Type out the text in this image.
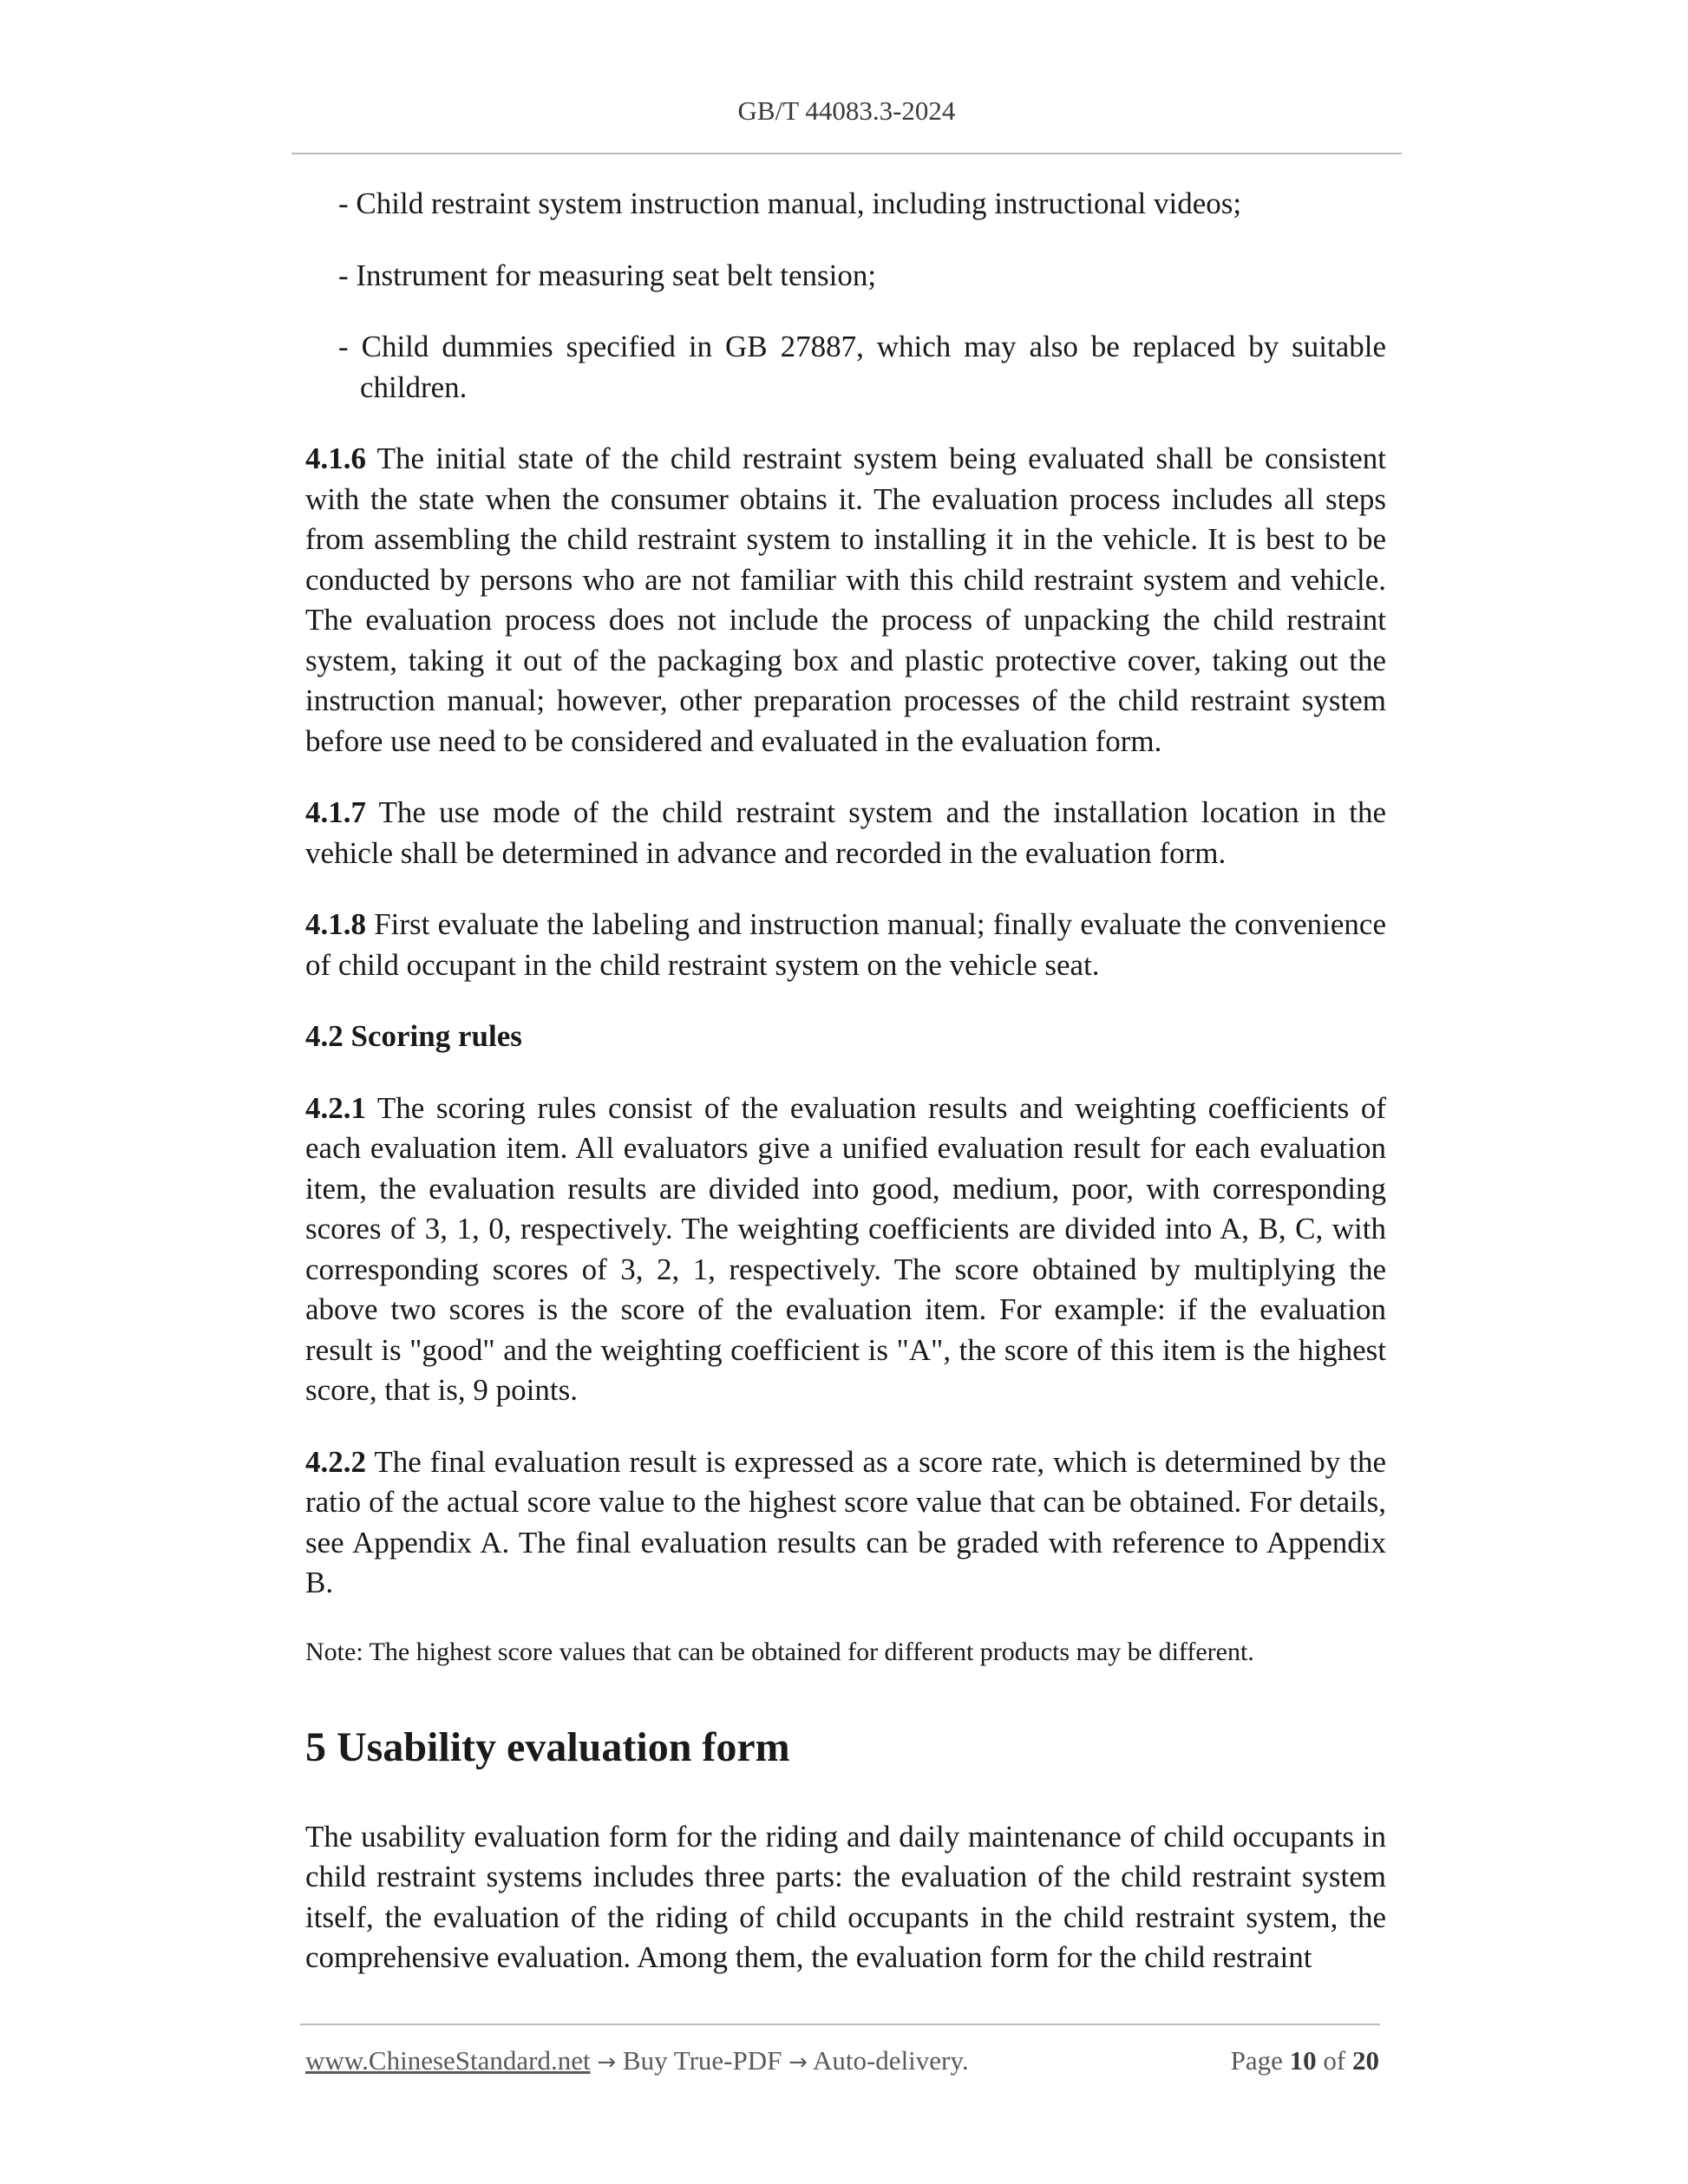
GB/T 44083.3-2024

- Child restraint system instruction manual, including instructional videos;

- Instrument for measuring seat belt tension;

- Child dummies specified in GB 27887, which may also be replaced by suitable children.

4.1.6 The initial state of the child restraint system being evaluated shall be consistent with the state when the consumer obtains it. The evaluation process includes all steps from assembling the child restraint system to installing it in the vehicle. It is best to be conducted by persons who are not familiar with this child restraint system and vehicle. The evaluation process does not include the process of unpacking the child restraint system, taking it out of the packaging box and plastic protective cover, taking out the instruction manual; however, other preparation processes of the child restraint system before use need to be considered and evaluated in the evaluation form.

4.1.7 The use mode of the child restraint system and the installation location in the vehicle shall be determined in advance and recorded in the evaluation form.

4.1.8 First evaluate the labeling and instruction manual; finally evaluate the convenience of child occupant in the child restraint system on the vehicle seat.

4.2 Scoring rules

4.2.1 The scoring rules consist of the evaluation results and weighting coefficients of each evaluation item. All evaluators give a unified evaluation result for each evaluation item, the evaluation results are divided into good, medium, poor, with corresponding scores of 3, 1, 0, respectively. The weighting coefficients are divided into A, B, C, with corresponding scores of 3, 2, 1, respectively. The score obtained by multiplying the above two scores is the score of the evaluation item. For example: if the evaluation result is "good" and the weighting coefficient is "A", the score of this item is the highest score, that is, 9 points.

4.2.2 The final evaluation result is expressed as a score rate, which is determined by the ratio of the actual score value to the highest score value that can be obtained. For details, see Appendix A. The final evaluation results can be graded with reference to Appendix B.

Note: The highest score values that can be obtained for different products may be different.

5 Usability evaluation form

The usability evaluation form for the riding and daily maintenance of child occupants in child restraint systems includes three parts: the evaluation of the child restraint system itself, the evaluation of the riding of child occupants in the child restraint system, the comprehensive evaluation. Among them, the evaluation form for the child restraint

www.ChineseStandard.net → Buy True-PDF → Auto-delivery.	Page 10 of 20
